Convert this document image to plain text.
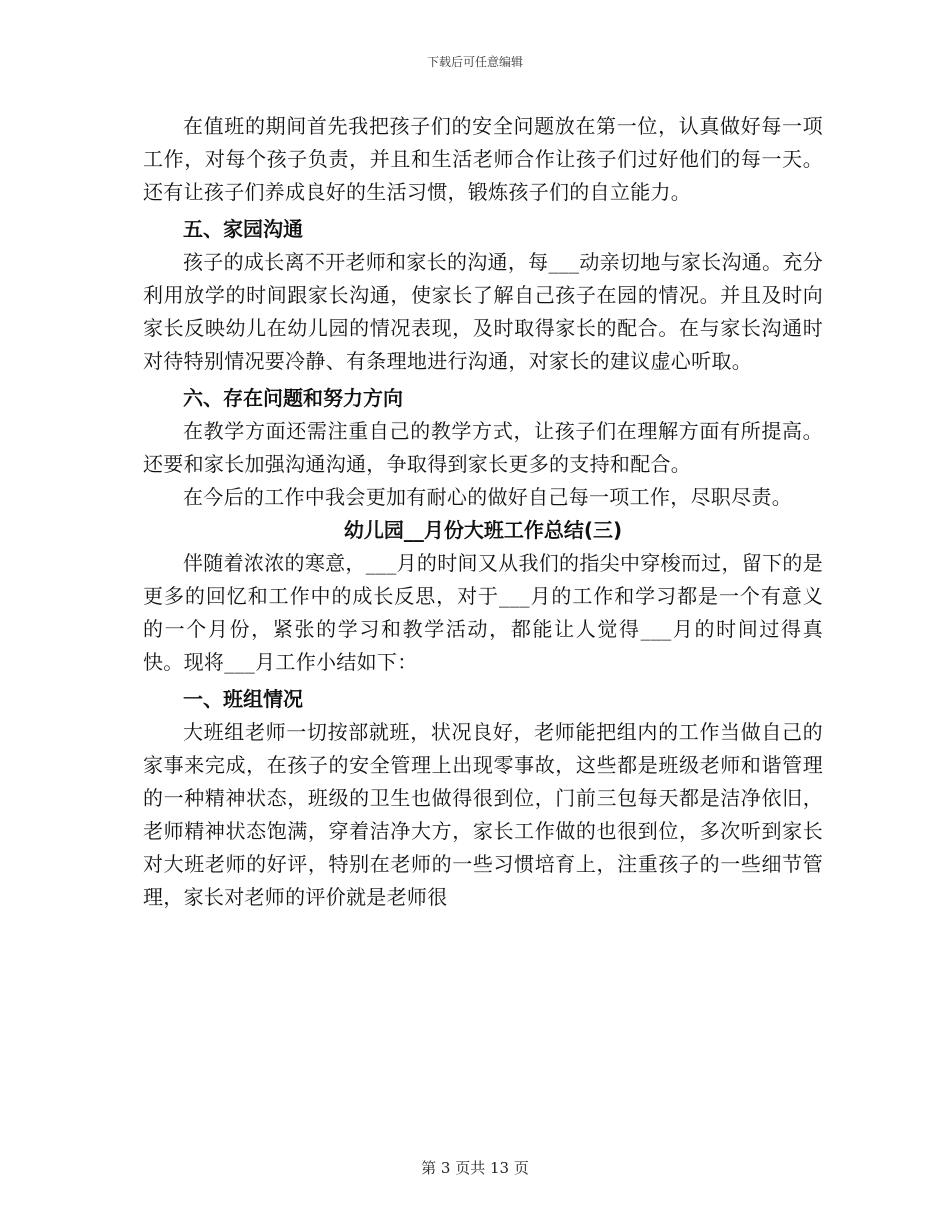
下载后可任意编辑

在值班的期间首先我把孩子们的安全问题放在第一位，认真做好每一项工作，对每个孩子负责，并且和生活老师合作让孩子们过好他们的每一天。还有让孩子们养成良好的生活习惯，锻炼孩子们的自立能力。

五、家园沟通

孩子的成长离不开老师和家长的沟通，每___动亲切地与家长沟通。充分利用放学的时间跟家长沟通，使家长了解自己孩子在园的情况。并且及时向家长反映幼儿在幼儿园的情况表现，及时取得家长的配合。在与家长沟通时对待特别情况要冷静、有条理地进行沟通，对家长的建议虚心听取。

六、存在问题和努力方向

在教学方面还需注重自己的教学方式，让孩子们在理解方面有所提高。还要和家长加强沟通沟通，争取得到家长更多的支持和配合。

在今后的工作中我会更加有耐心的做好自己每一项工作，尽职尽责。

幼儿园__月份大班工作总结(三)

伴随着浓浓的寒意，___月的时间又从我们的指尖中穿梭而过，留下的是更多的回忆和工作中的成长反思，对于___月的工作和学习都是一个有意义的一个月份，紧张的学习和教学活动，都能让人觉得___月的时间过得真快。现将___月工作小结如下：

一、班组情况

大班组老师一切按部就班，状况良好，老师能把组内的工作当做自己的家事来完成，在孩子的安全管理上出现零事故，这些都是班级老师和谐管理的一种精神状态，班级的卫生也做得很到位，门前三包每天都是洁净依旧，老师精神状态饱满，穿着洁净大方，家长工作做的也很到位，多次听到家长对大班老师的好评，特别在老师的一些习惯培育上，注重孩子的一些细节管理，家长对老师的评价就是老师很

第 3 页共 13 页
